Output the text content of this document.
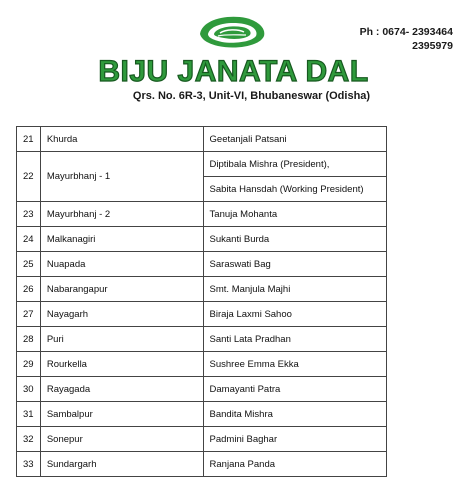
BIJU JANATA DAL
Qrs. No. 6R-3, Unit-VI, Bhubaneswar (Odisha)
Ph : 0674- 2393464
2395979
21	Khurda	Geetanjali Patsani
22	Mayurbhanj - 1	Diptibala Mishra (President),
		Sabita Hansdah (Working President)
23	Mayurbhanj - 2	Tanuja Mohanta
24	Malkanagiri	Sukanti Burda
25	Nuapada	Saraswati Bag
26	Nabarangapur	Smt. Manjula Majhi
27	Nayagarh	Biraja Laxmi Sahoo
28	Puri	Santi Lata Pradhan
29	Rourkella	Sushree Emma Ekka
30	Rayagada	Damayanti Patra
31	Sambalpur	Bandita Mishra
32	Sonepur	Padmini Baghar
33	Sundargarh	Ranjana Panda
